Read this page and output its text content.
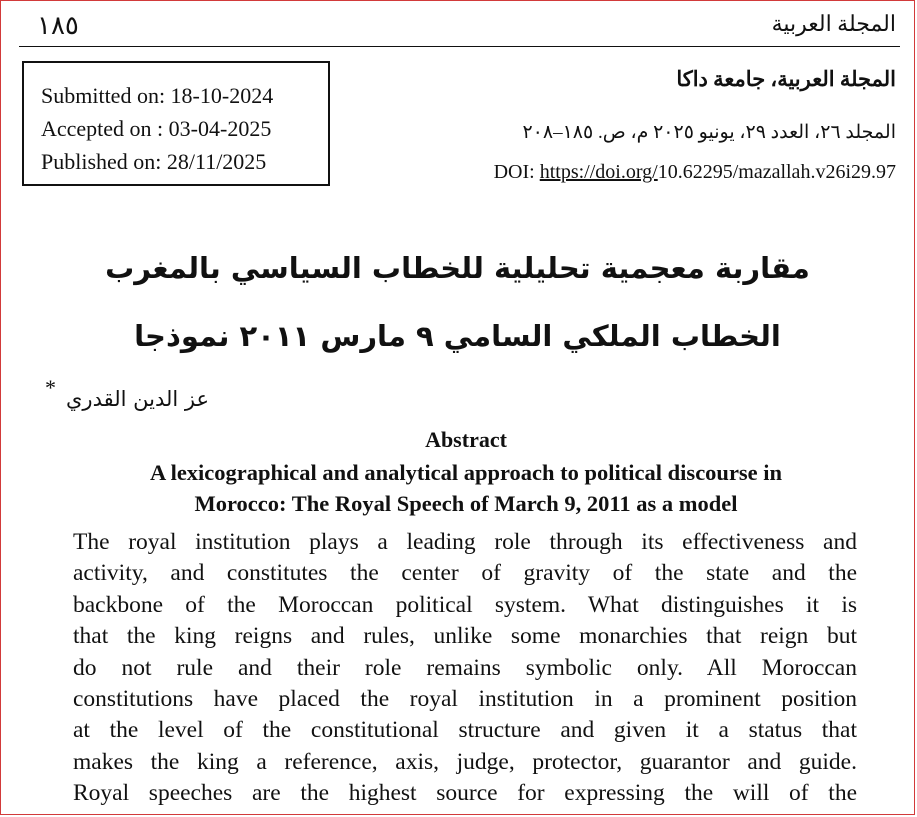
١٨٥	المجلة العربية
Submitted on: 18-10-2024
Accepted on : 03-04-2025
Published on: 28/11/2025
المجلة العربية، جامعة داكا
المجلد ٢٦، العدد ٢٩، يونيو ٢٠٢٥ م، ص. ١٨٥–٢٠٨
DOI: https://doi.org/10.62295/mazallah.v26i29.97
مقاربة معجمية تحليلية للخطاب السياسي بالمغرب
الخطاب الملكي السامي ٩ مارس ٢٠١١ نموذجا
* عز الدين القدري
Abstract
A lexicographical and analytical approach to political discourse in
Morocco: The Royal Speech of March 9, 2011 as a model
The royal institution plays a leading role through its effectiveness and
activity, and constitutes the center of gravity of the state and the
backbone of the Moroccan political system. What distinguishes it is
that the king reigns and rules, unlike some monarchies that reign but
do not rule and their role remains symbolic only. All Moroccan
constitutions have placed the royal institution in a prominent position
at the level of the constitutional structure and given it a status that
makes the king a reference, axis, judge, protector, guarantor and guide.
Royal speeches are the highest source for expressing the will of the
